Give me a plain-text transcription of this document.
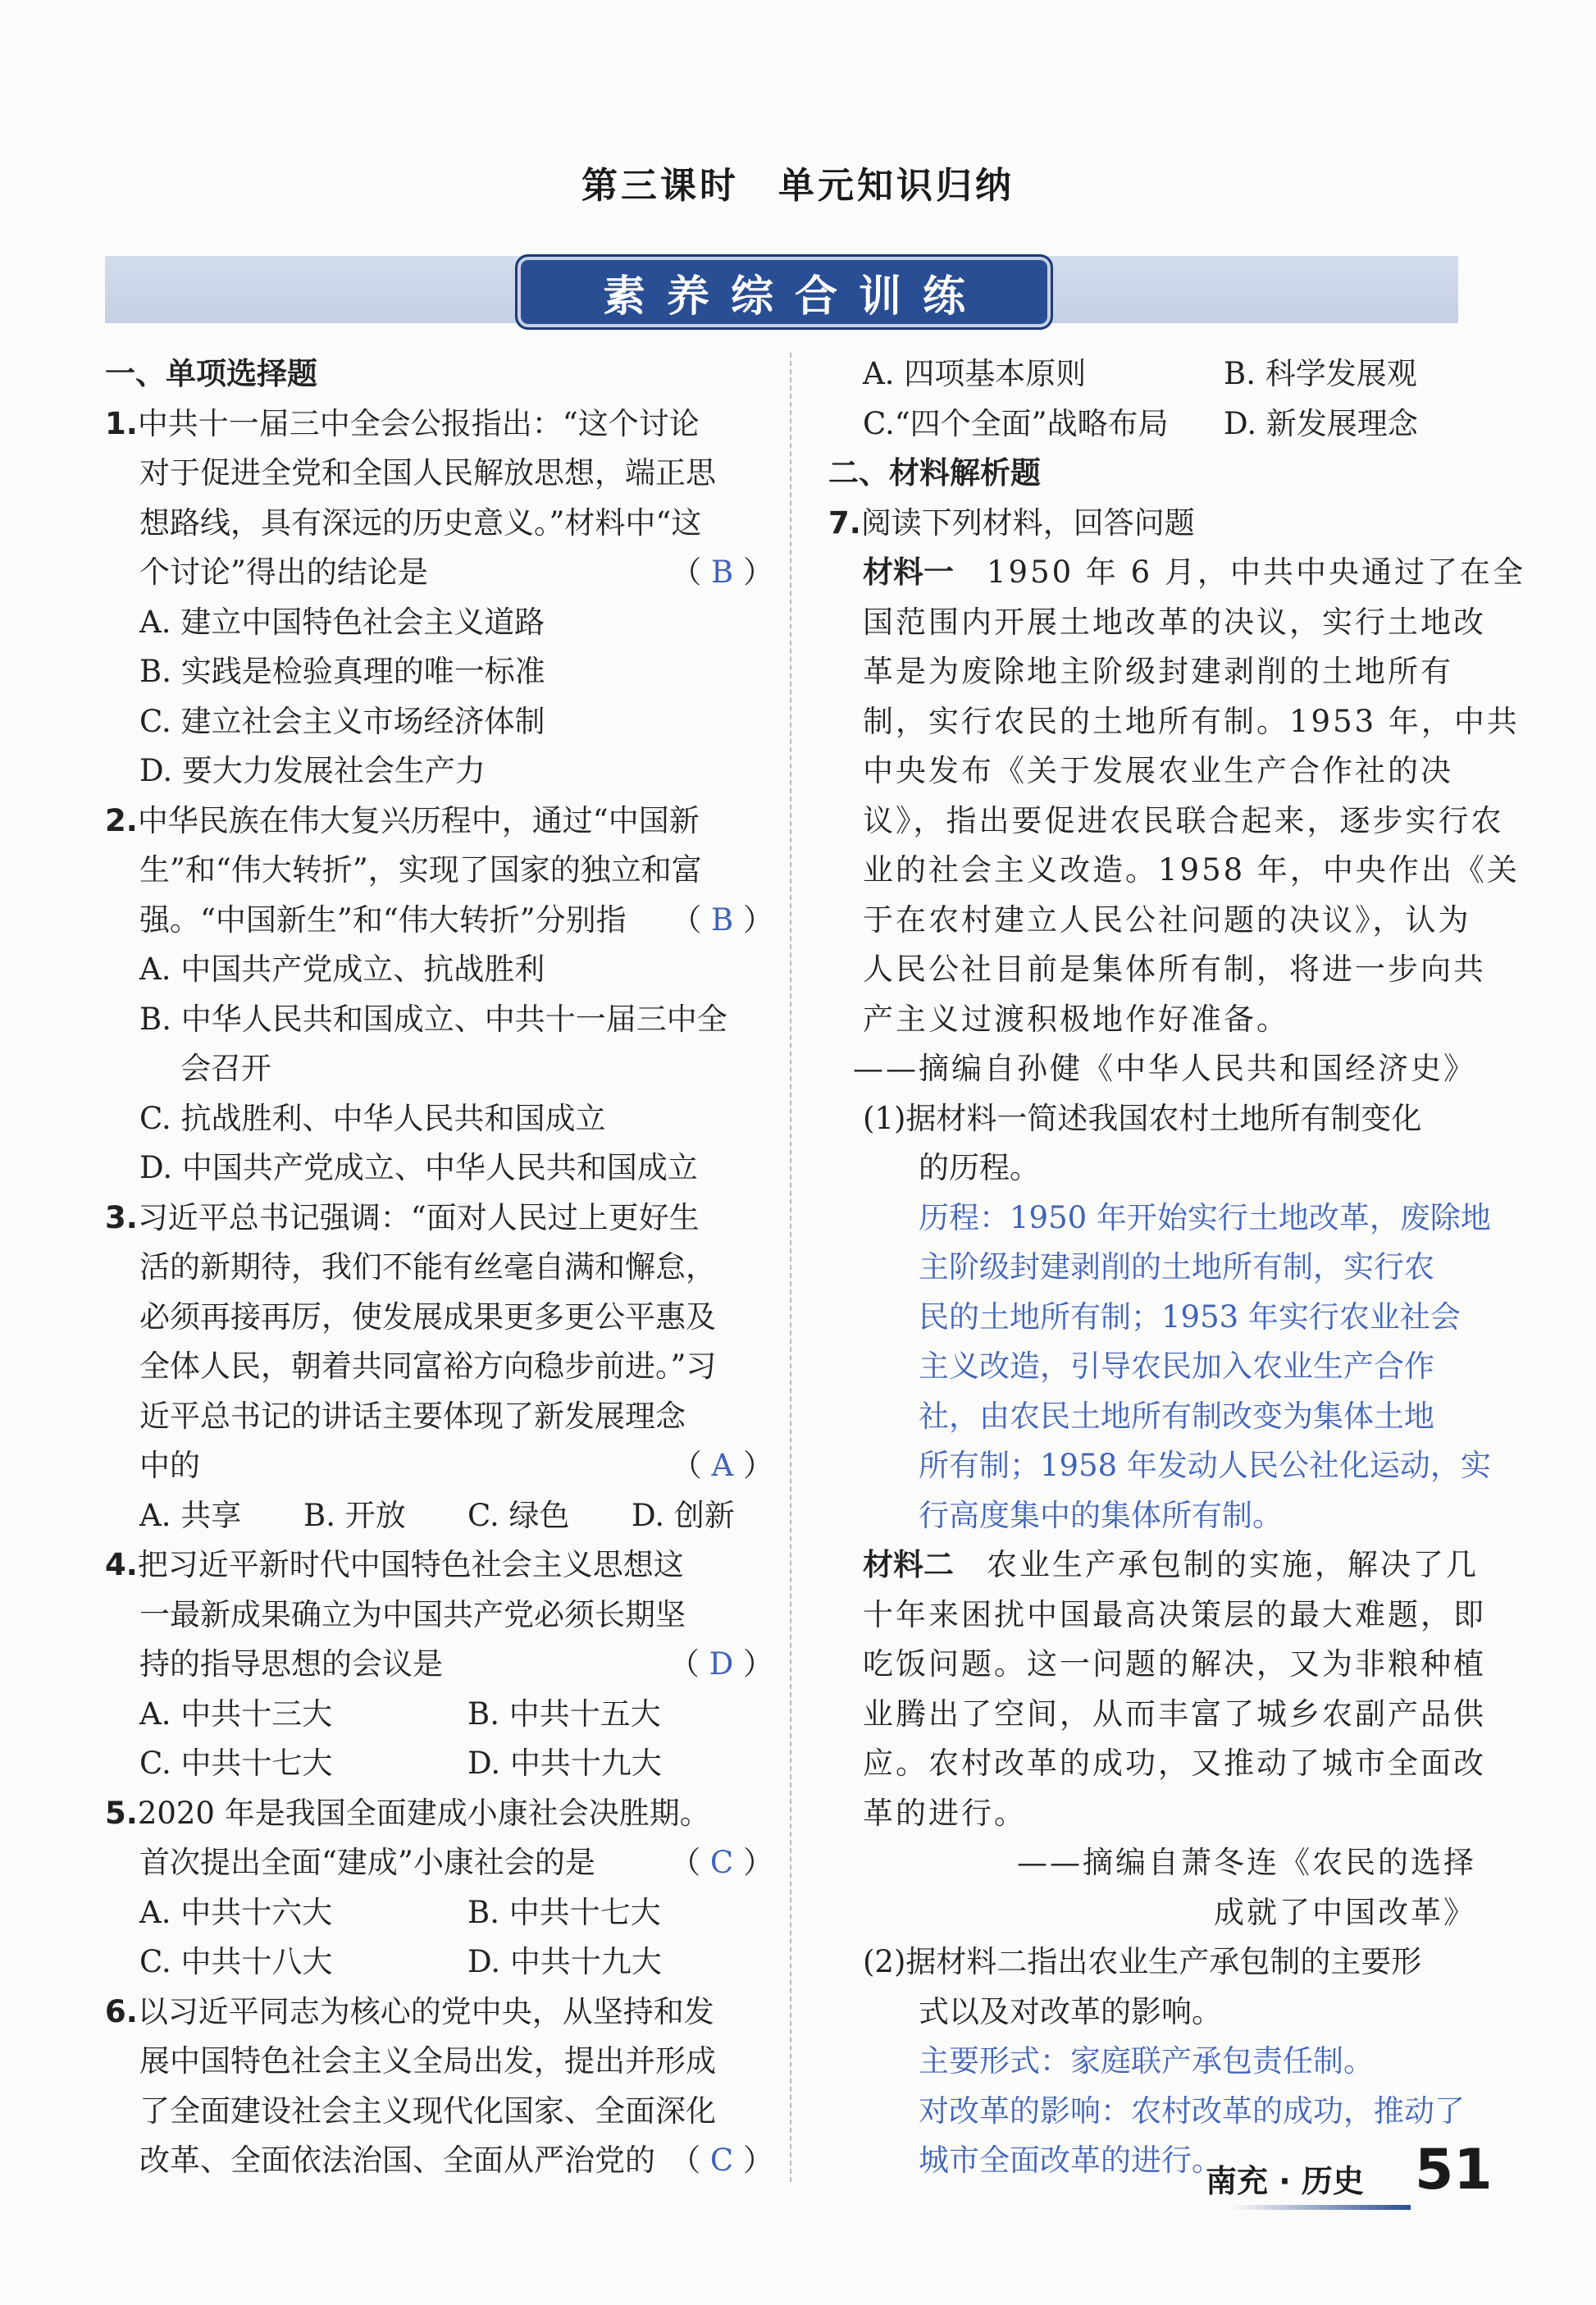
第三课时　单元知识归纳
素养综合训练
一、单项选择题
1.中共十一届三中全会公报指出：“这个讨论
对于促进全党和全国人民解放思想，端正思
想路线，具有深远的历史意义。”材料中“这
个讨论”得出的结论是	（ B ）
A. 建立中国特色社会主义道路
B. 实践是检验真理的唯一标准
C. 建立社会主义市场经济体制
D. 要大力发展社会生产力
2.中华民族在伟大复兴历程中，通过“中国新
生”和“伟大转折”，实现了国家的独立和富
强。“中国新生”和“伟大转折”分别指 （ B ）
A. 中国共产党成立、抗战胜利
B. 中华人民共和国成立、中共十一届三中全
会召开
C. 抗战胜利、中华人民共和国成立
D. 中国共产党成立、中华人民共和国成立
3.习近平总书记强调：“面对人民过上更好生
活的新期待，我们不能有丝毫自满和懈怠，
必须再接再厉，使发展成果更多更公平惠及
全体人民，朝着共同富裕方向稳步前进。”习
近平总书记的讲话主要体现了新发展理念
中的	（ A ）
A. 共享 B. 开放 C. 绿色 D. 创新
4.把习近平新时代中国特色社会主义思想这
一最新成果确立为中国共产党必须长期坚
持的指导思想的会议是	（ D ）
A. 中共十三大	B. 中共十五大
C. 中共十七大	D. 中共十九大
5.2020 年是我国全面建成小康社会决胜期。
首次提出全面“建成”小康社会的是 （ C ）
A. 中共十六大	B. 中共十七大
C. 中共十八大	D. 中共十九大
6.以习近平同志为核心的党中央，从坚持和发
展中国特色社会主义全局出发，提出并形成
了全面建设社会主义现代化国家、全面深化
改革、全面依法治国、全面从严治党的 （ C ）
A. 四项基本原则	B. 科学发展观
C.“四个全面”战略布局 D. 新发展理念
二、材料解析题
7.阅读下列材料，回答问题
材料一　1950 年 6 月，中共中央通过了在全
国范围内开展土地改革的决议，实行土地改
革是为废除地主阶级封建剥削的土地所有
制，实行农民的土地所有制。1953 年，中共
中央发布《关于发展农业生产合作社的决
议》，指出要促进农民联合起来，逐步实行农
业的社会主义改造。1958 年，中央作出《关
于在农村建立人民公社问题的决议》，认为
人民公社目前是集体所有制，将进一步向共
产主义过渡积极地作好准备。
——摘编自孙健《中华人民共和国经济史》
(1)据材料一简述我国农村土地所有制变化
的历程。
历程：1950 年开始实行土地改革，废除地
主阶级封建剥削的土地所有制，实行农
民的土地所有制；1953 年实行农业社会
主义改造，引导农民加入农业生产合作
社，由农民土地所有制改变为集体土地
所有制；1958 年发动人民公社化运动，实
行高度集中的集体所有制。
材料二　农业生产承包制的实施，解决了几
十年来困扰中国最高决策层的最大难题，即
吃饭问题。这一问题的解决，又为非粮种植
业腾出了空间，从而丰富了城乡农副产品供
应。农村改革的成功，又推动了城市全面改
革的进行。
——摘编自萧冬连《农民的选择
成就了中国改革》
(2)据材料二指出农业生产承包制的主要形
式以及对改革的影响。
主要形式：家庭联产承包责任制。
对改革的影响：农村改革的成功，推动了
城市全面改革的进行。
南充 · 历史 51
